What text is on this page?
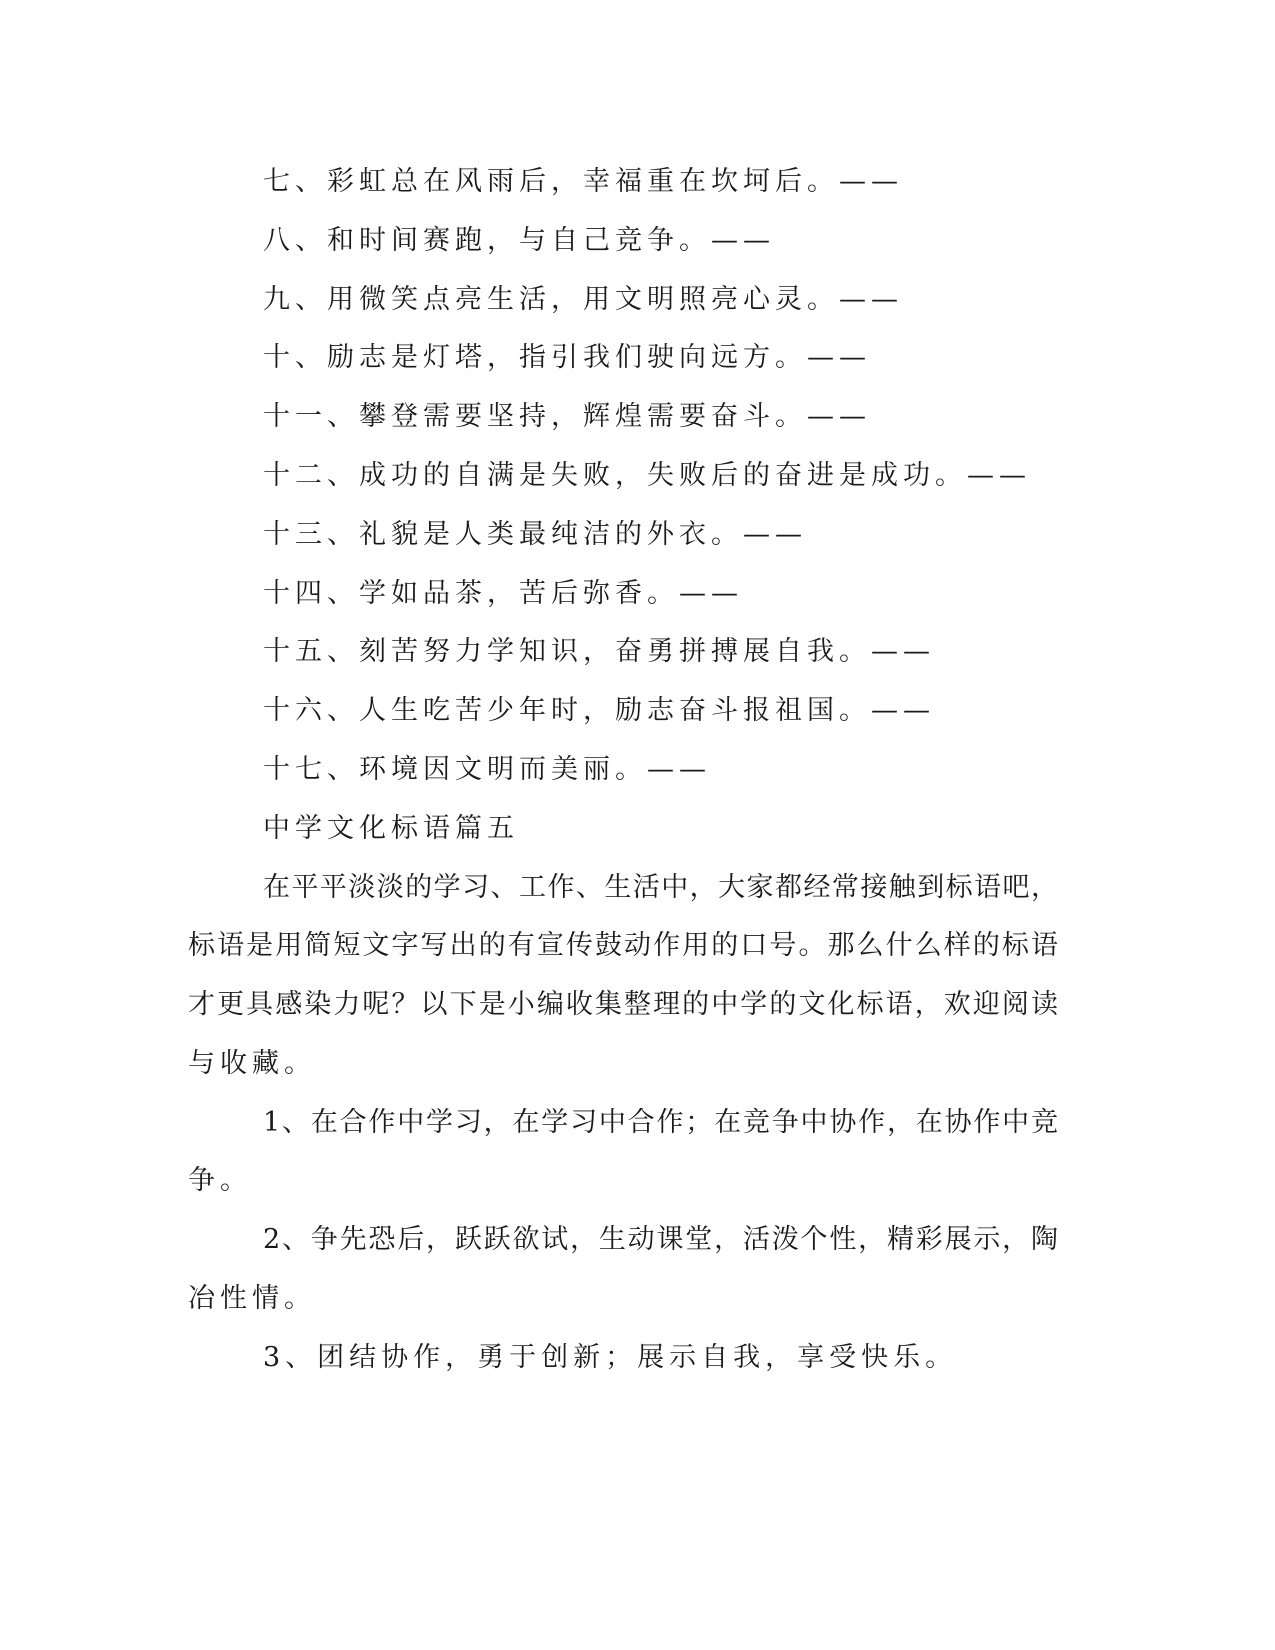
七、彩虹总在风雨后，幸福重在坎坷后。——
八、和时间赛跑，与自己竞争。——
九、用微笑点亮生活，用文明照亮心灵。——
十、励志是灯塔，指引我们驶向远方。——
十一、攀登需要坚持，辉煌需要奋斗。——
十二、成功的自满是失败，失败后的奋进是成功。——
十三、礼貌是人类最纯洁的外衣。——
十四、学如品茶，苦后弥香。——
十五、刻苦努力学知识，奋勇拼搏展自我。——
十六、人生吃苦少年时，励志奋斗报祖国。——
十七、环境因文明而美丽。——
中学文化标语篇五
在平平淡淡的学习、工作、生活中，大家都经常接触到标语吧，
标语是用简短文字写出的有宣传鼓动作用的口号。那么什么样的标语
才更具感染力呢？以下是小编收集整理的中学的文化标语，欢迎阅读
与收藏。
1、在合作中学习，在学习中合作；在竞争中协作，在协作中竞
争。
2、争先恐后，跃跃欲试，生动课堂，活泼个性，精彩展示，陶
冶性情。
3、团结协作，勇于创新；展示自我，享受快乐。
